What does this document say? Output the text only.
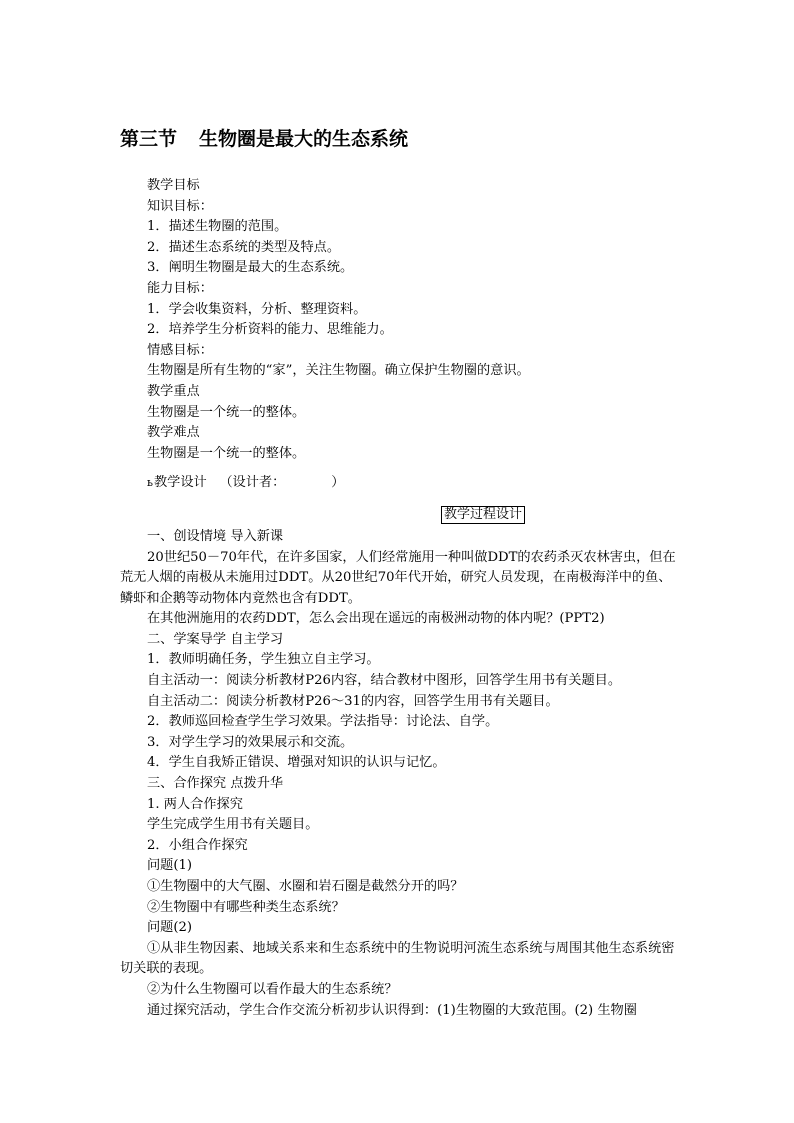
第三节 生物圈是最大的生态系统

教学目标

知识目标：

1．描述生物圈的范围。

2．描述生态系统的类型及特点。

3．阐明生物圈是最大的生态系统。

能力目标：

1．学会收集资料，分析、整理资料。

2．培养学生分析资料的能力、思维能力。

情感目标：

生物圈是所有生物的“家”，关注生物圈。确立保护生物圈的意识。

教学重点

生物圈是一个统一的整体。

教学难点

生物圈是一个统一的整体。

ь教学设计 （设计者：	）

教学过程设计

一、创设情境 导入新课

20世纪50－70年代，在许多国家，人们经常施用一种叫做DDT的农药杀灭农林害虫，但在荒无人烟的南极从未施用过DDT。从20世纪70年代开始，研究人员发现，在南极海洋中的鱼、鳞虾和企鹅等动物体内竟然也含有DDT。

在其他洲施用的农药DDT，怎么会出现在遥远的南极洲动物的体内呢？(PPT2)

二、学案导学 自主学习

1．教师明确任务，学生独立自主学习。

自主活动一：阅读分析教材P26内容，结合教材中图形，回答学生用书有关题目。

自主活动二：阅读分析教材P26～31的内容，回答学生用书有关题目。

2．教师巡回检查学生学习效果。学法指导：讨论法、自学。

3．对学生学习的效果展示和交流。

4．学生自我矫正错误、增强对知识的认识与记忆。

三、合作探究 点拨升华

1. 两人合作探究

学生完成学生用书有关题目。

2．小组合作探究

问题(1)

①生物圈中的大气圈、水圈和岩石圈是截然分开的吗？

②生物圈中有哪些种类生态系统？

问题(2)

①从非生物因素、地域关系来和生态系统中的生物说明河流生态系统与周围其他生态系统密切关联的表现。

②为什么生物圈可以看作最大的生态系统？

通过探究活动，学生合作交流分析初步认识得到：(1)生物圈的大致范围。(2) 生物圈
